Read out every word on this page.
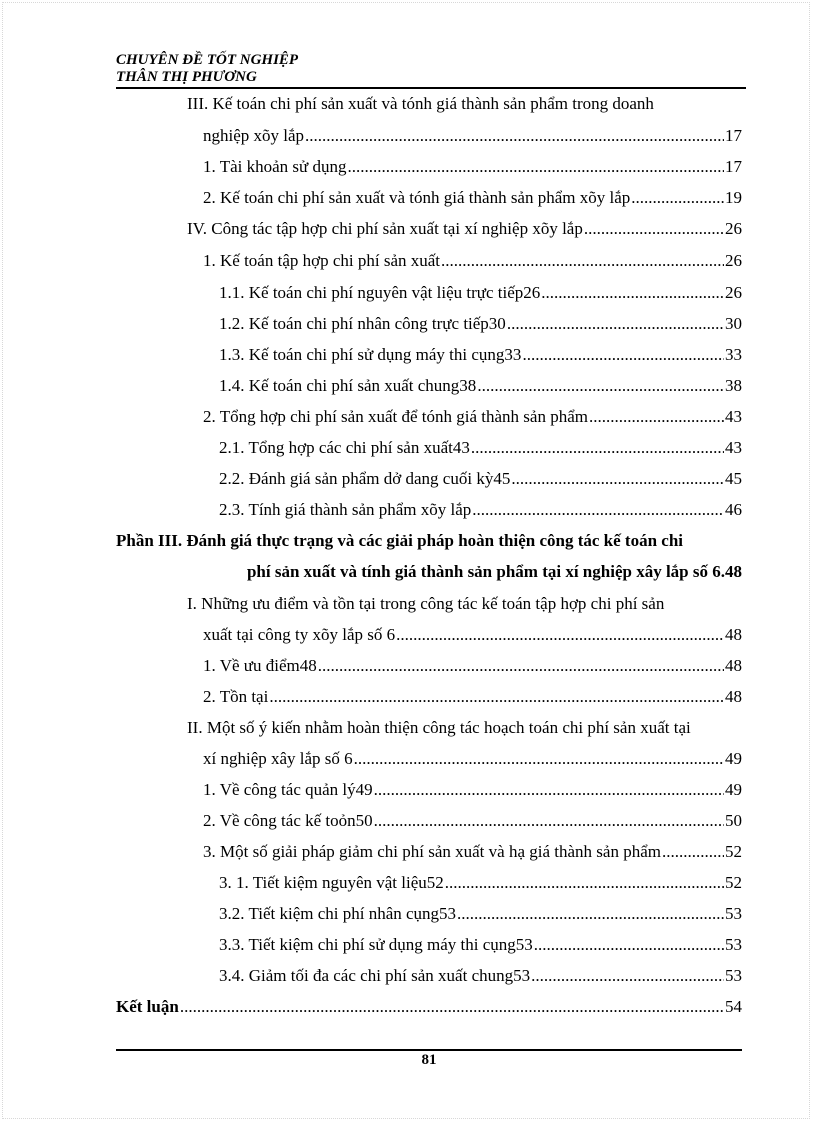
CHUYÊN ĐỀ TỐT NGHIỆP
THÂN THỊ PHƯƠNG
III. Kế toán chi phí sản xuất và tónh giá thành sản phẩm trong doanh
nghiệp xõy lắp .....	17
1. Tài khoản sử dụng .....	17
2. Kế toán chi phí sản xuất và tónh giá thành sản phẩm xõy lắp .....	19
IV. Công tác tập hợp chi phí sản xuất tại xí nghiệp xõy lắp .....	26
1. Kế toán tập hợp chi phí sản xuất .....	26
1.1. Kế toán chi phí nguyên vật liệu trực tiếp26 .....	26
1.2. Kế toán chi phí nhân công trực tiếp30 .....	30
1.3. Kế toán chi phí sử dụng máy thi cụng33 .....	33
1.4. Kế toán chi phí sản xuất chung38 .....	38
2. Tổng hợp chi phí sản xuất để tónh giá thành sản phẩm .....	43
2.1. Tổng hợp các chi phí sản xuất43 .....	43
2.2. Đánh giá sản phẩm dở dang cuối kỳ45 .....	45
2.3. Tính giá thành sản phẩm xõy lắp .....	46
Phần III. Đánh giá thực trạng và các giải pháp hoàn thiện công tác kế toán chi
phí sản xuất và tính giá thành sản phẩm tại xí nghiệp xây lắp số 6.48
I. Những ưu điểm và tồn tại trong công tác kế toán tập hợp chi phí sản
xuất tại công ty xõy lắp số 6 .....	48
1. Về ưu điểm48 .....	48
2. Tồn tại .....	48
II. Một số ý kiến nhằm hoàn thiện công tác hoạch toán chi phí sản xuất tại
xí nghiệp xây lắp số 6 .....	49
1. Về công tác quản lý49 .....	49
2. Về công tác kế toỏn50 .....	50
3. Một số giải pháp giảm chi phí sản xuất và hạ giá thành sản phẩm .....	52
3. 1. Tiết kiệm nguyên vật liệu52 .....	52
3.2. Tiết kiệm chi phí nhân cụng53 .....	53
3.3. Tiết kiệm chi phí sử dụng máy thi cụng53 .....	53
3.4. Giảm tối đa các chi phí sản xuất chung53 .....	53
Kết luận .....	54
81
